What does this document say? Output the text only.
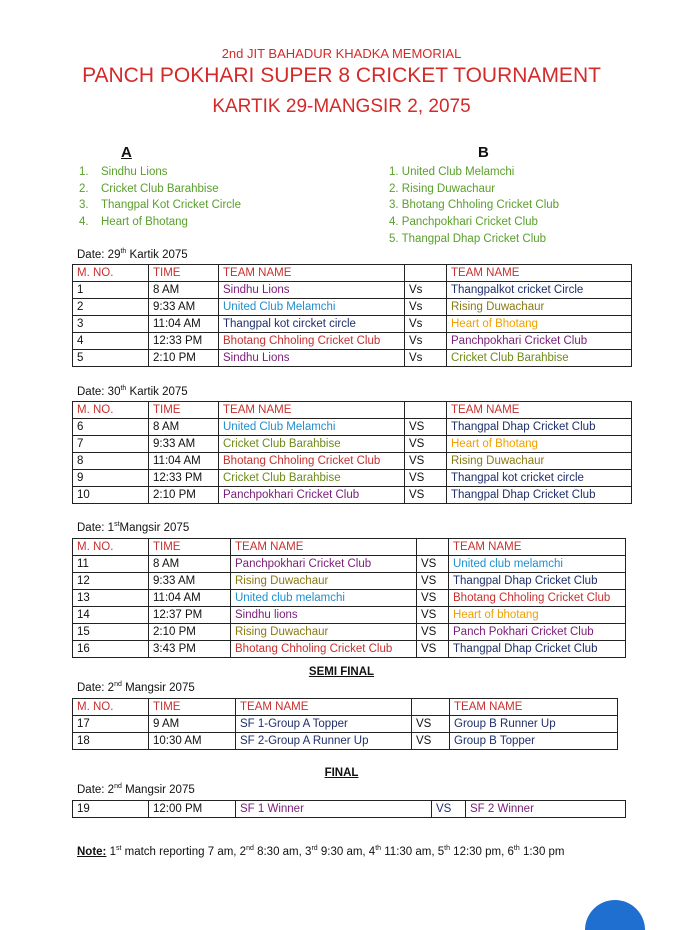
2nd JIT BAHADUR KHADKA MEMORIAL
PANCH POKHARI SUPER 8 CRICKET TOURNAMENT
KARTIK 29-MANGSIR 2, 2075
A	B
1. Sindhu Lions
2. Cricket Club Barahbise
3. Thangpal Kot Cricket Circle
4. Heart of Bhotang
1. United Club Melamchi
2. Rising Duwachaur
3. Bhotang Chholing Cricket Club
4. Panchpokhari Cricket Club
5. Thangpal Dhap Cricket Club
Date: 29th Kartik 2075
M. NO.	TIME	TEAM NAME		TEAM NAME
1	8 AM	Sindhu Lions	Vs	Thangpalkot cricket Circle
2	9:33 AM	United Club Melamchi	Vs	Rising Duwachaur
3	11:04 AM	Thangpal kot circket circle	Vs	Heart of Bhotang
4	12:33 PM	Bhotang Chholing Cricket Club	Vs	Panchpokhari Cricket Club
5	2:10 PM	Sindhu Lions	Vs	Cricket Club Barahbise
Date: 30th Kartik 2075
M. NO.	TIME	TEAM NAME		TEAM NAME
6	8 AM	United Club Melamchi	VS	Thangpal Dhap Cricket Club
7	9:33 AM	Cricket Club Barahbise	VS	Heart of Bhotang
8	11:04 AM	Bhotang Chholing Cricket Club	VS	Rising Duwachaur
9	12:33 PM	Cricket Club Barahbise	VS	Thangpal kot cricket circle
10	2:10 PM	Panchpokhari Cricket Club	VS	Thangpal Dhap Cricket Club
Date: 1stMangsir 2075
M. NO.	TIME	TEAM NAME		TEAM NAME
11	8 AM	Panchpokhari Cricket Club	VS	United club melamchi
12	9:33 AM	Rising Duwachaur	VS	Thangpal Dhap Cricket Club
13	11:04 AM	United club melamchi	VS	Bhotang Chholing Cricket Club
14	12:37 PM	Sindhu lions	VS	Heart of bhotang
15	2:10 PM	Rising Duwachaur	VS	Panch Pokhari Cricket Club
16	3:43 PM	Bhotang Chholing Cricket Club	VS	Thangpal Dhap Cricket Club
SEMI FINAL
Date: 2nd Mangsir 2075
M. NO.	TIME	TEAM NAME		TEAM NAME
17	9 AM	SF 1-Group A Topper	VS	Group B Runner Up
18	10:30 AM	SF 2-Group A Runner Up	VS	Group B Topper
FINAL
Date: 2nd Mangsir 2075
19	12:00 PM	SF 1 Winner	VS	SF 2 Winner
Note: 1st match reporting 7 am, 2nd 8:30 am, 3rd 9:30 am, 4th 11:30 am, 5th 12:30 pm, 6th 1:30 pm
